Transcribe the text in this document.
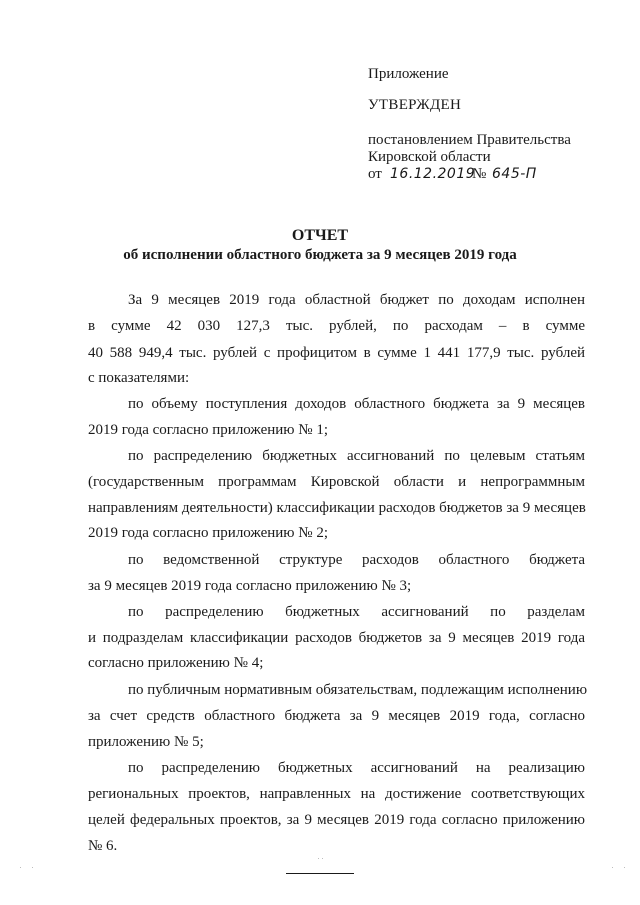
Приложение
УТВЕРЖДЕН
постановлением Правительства
Кировской области
от 16.12.2019
№ 645-П
ОТЧЕТ
об исполнении областного бюджета за 9 месяцев 2019 года
За 9 месяцев 2019 года областной бюджет по доходам исполнен
в сумме 42 030 127,3 тыс. рублей, по расходам – в сумме
40 588 949,4 тыс. рублей с профицитом в сумме 1 441 177,9 тыс. рублей
с показателями:
по объему поступления доходов областного бюджета за 9 месяцев
2019 года согласно приложению № 1;
по распределению бюджетных ассигнований по целевым статьям
(государственным программам Кировской области и непрограммным
направлениям деятельности) классификации расходов бюджетов за 9 месяцев
2019 года согласно приложению № 2;
по ведомственной структуре расходов областного бюджета
за 9 месяцев 2019 года согласно приложению № 3;
по распределению бюджетных ассигнований по разделам
и подразделам классификации расходов бюджетов за 9 месяцев 2019 года
согласно приложению № 4;
по публичным нормативным обязательствам, подлежащим исполнению
за счет средств областного бюджета за 9 месяцев 2019 года, согласно
приложению № 5;
по распределению бюджетных ассигнований на реализацию
региональных проектов, направленных на достижение соответствующих
целей федеральных проектов, за 9 месяцев 2019 года согласно приложению
№ 6.
